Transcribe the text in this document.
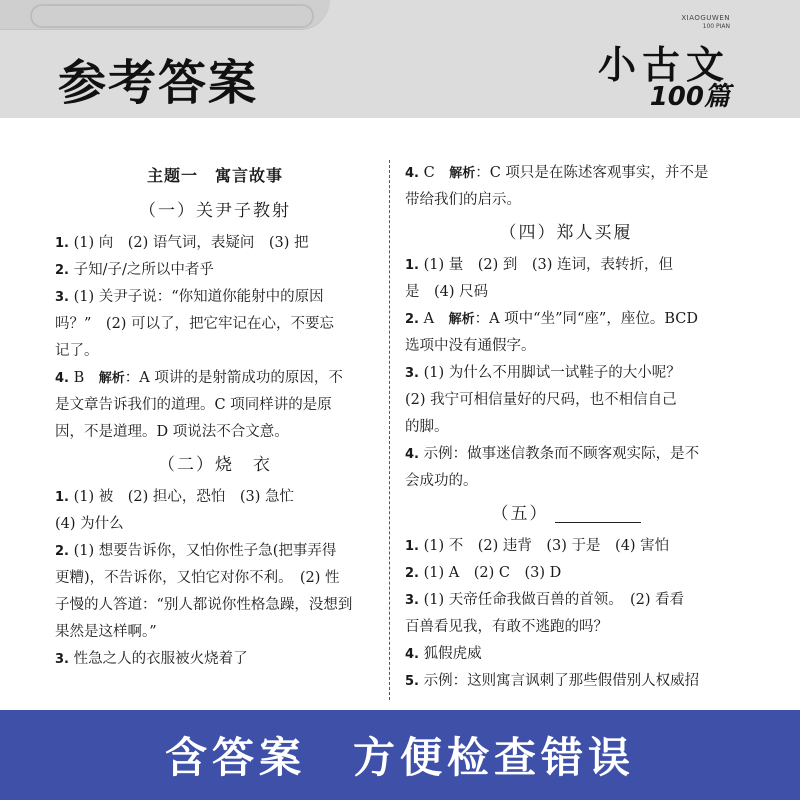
参考答案
XIAOGUWEN
100 PIAN
小古文
100篇
主题一　寓言故事
（一）关尹子教射
1. (1) 向　(2) 语气词，表疑问　(3) 把
2. 子知/子/之所以中者乎
3. (1) 关尹子说：“你知道你能射中的原因
吗？”　(2) 可以了，把它牢记在心，不要忘
记了。
4. B　解析：A 项讲的是射箭成功的原因，不
是文章告诉我们的道理。C 项同样讲的是原
因，不是道理。D 项说法不合文意。
（二）烧　衣
1. (1) 被　(2) 担心，恐怕　(3) 急忙
(4) 为什么
2. (1) 想要告诉你，又怕你性子急(把事弄得
更糟)，不告诉你，又怕它对你不利。　(2) 性
子慢的人答道：“别人都说你性格急躁，没想到
果然是这样啊。”
3. 性急之人的衣服被火烧着了
4. C　解析：C 项只是在陈述客观事实，并不是
带给我们的启示。
（四）郑人买履
1. (1) 量　(2) 到　(3) 连词，表转折，但
是　(4) 尺码
2. A　解析：A 项中“坐”同“座”，座位。BCD
选项中没有通假字。
3. (1) 为什么不用脚试一试鞋子的大小呢？
(2) 我宁可相信量好的尺码，也不相信自己
的脚。
4. 示例：做事迷信教条而不顾客观实际，是不
会成功的。
（五）
1. (1) 不　(2) 违背　(3) 于是　(4) 害怕
2. (1) A　(2) C　(3) D
3. (1) 天帝任命我做百兽的首领。　(2) 看看
百兽看见我，有敢不逃跑的吗？
4. 狐假虎威
5. 示例：这则寓言讽刺了那些假借别人权威招
含答案　方便检查错误
